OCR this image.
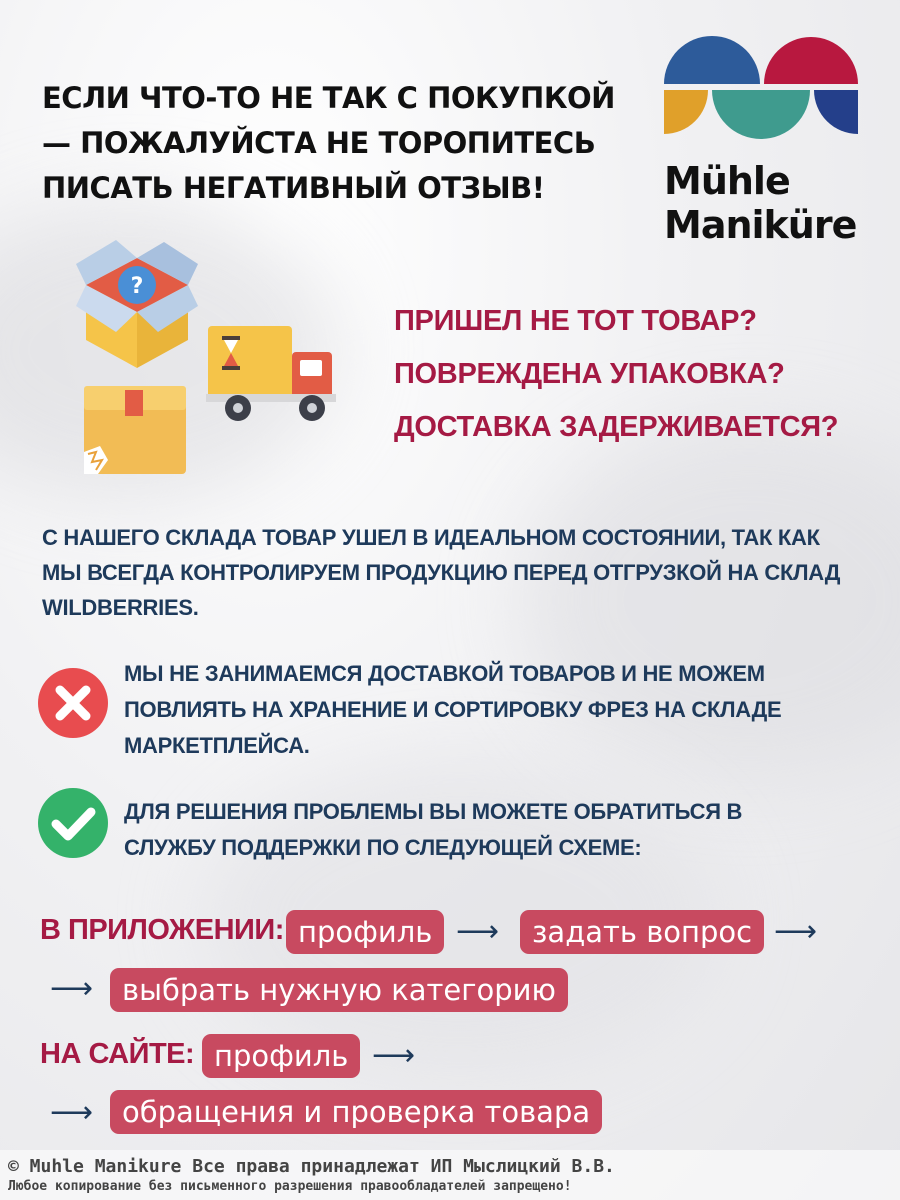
ЕСЛИ ЧТО-ТО НЕ ТАК С ПОКУПКОЙ
— ПОЖАЛУЙСТА НЕ ТОРОПИТЕСЬ
ПИСАТЬ НЕГАТИВНЫЙ ОТЗЫВ!	Mühle
Manikürе
?
ПРИШЕЛ НЕ ТОТ ТОВАР?
ПОВРЕЖДЕНА УПАКОВКА?
ДОСТАВКА ЗАДЕРЖИВАЕТСЯ?
С НАШЕГО СКЛАДА ТОВАР УШЕЛ В ИДЕАЛЬНОМ СОСТОЯНИИ, ТАК КАК МЫ ВСЕГДА КОНТРОЛИРУЕМ ПРОДУКЦИЮ ПЕРЕД ОТГРУЗКОЙ НА СКЛАД WILDBERRIES.
МЫ НЕ ЗАНИМАЕМСЯ ДОСТАВКОЙ ТОВАРОВ И НЕ МОЖЕМ ПОВЛИЯТЬ НА ХРАНЕНИЕ И СОРТИРОВКУ ФРЕЗ НА СКЛАДЕ МАРКЕТПЛЕЙСА.
ДЛЯ РЕШЕНИЯ ПРОБЛЕМЫ ВЫ МОЖЕТЕ ОБРАТИТЬСЯ В СЛУЖБУ ПОДДЕРЖКИ ПО СЛЕДУЮЩЕЙ СХЕМЕ:
В ПРИЛОЖЕНИИ: профиль ⟶	задать вопрос ⟶
⟶ выбрать нужную категорию
НА САЙТЕ: профиль ⟶
⟶ обращения и проверка товара
© Muhle Manikure Все права принадлежат ИП Мыслицкий В.В.
Любое копирование без письменного разрешения правообладателей запрещено!
